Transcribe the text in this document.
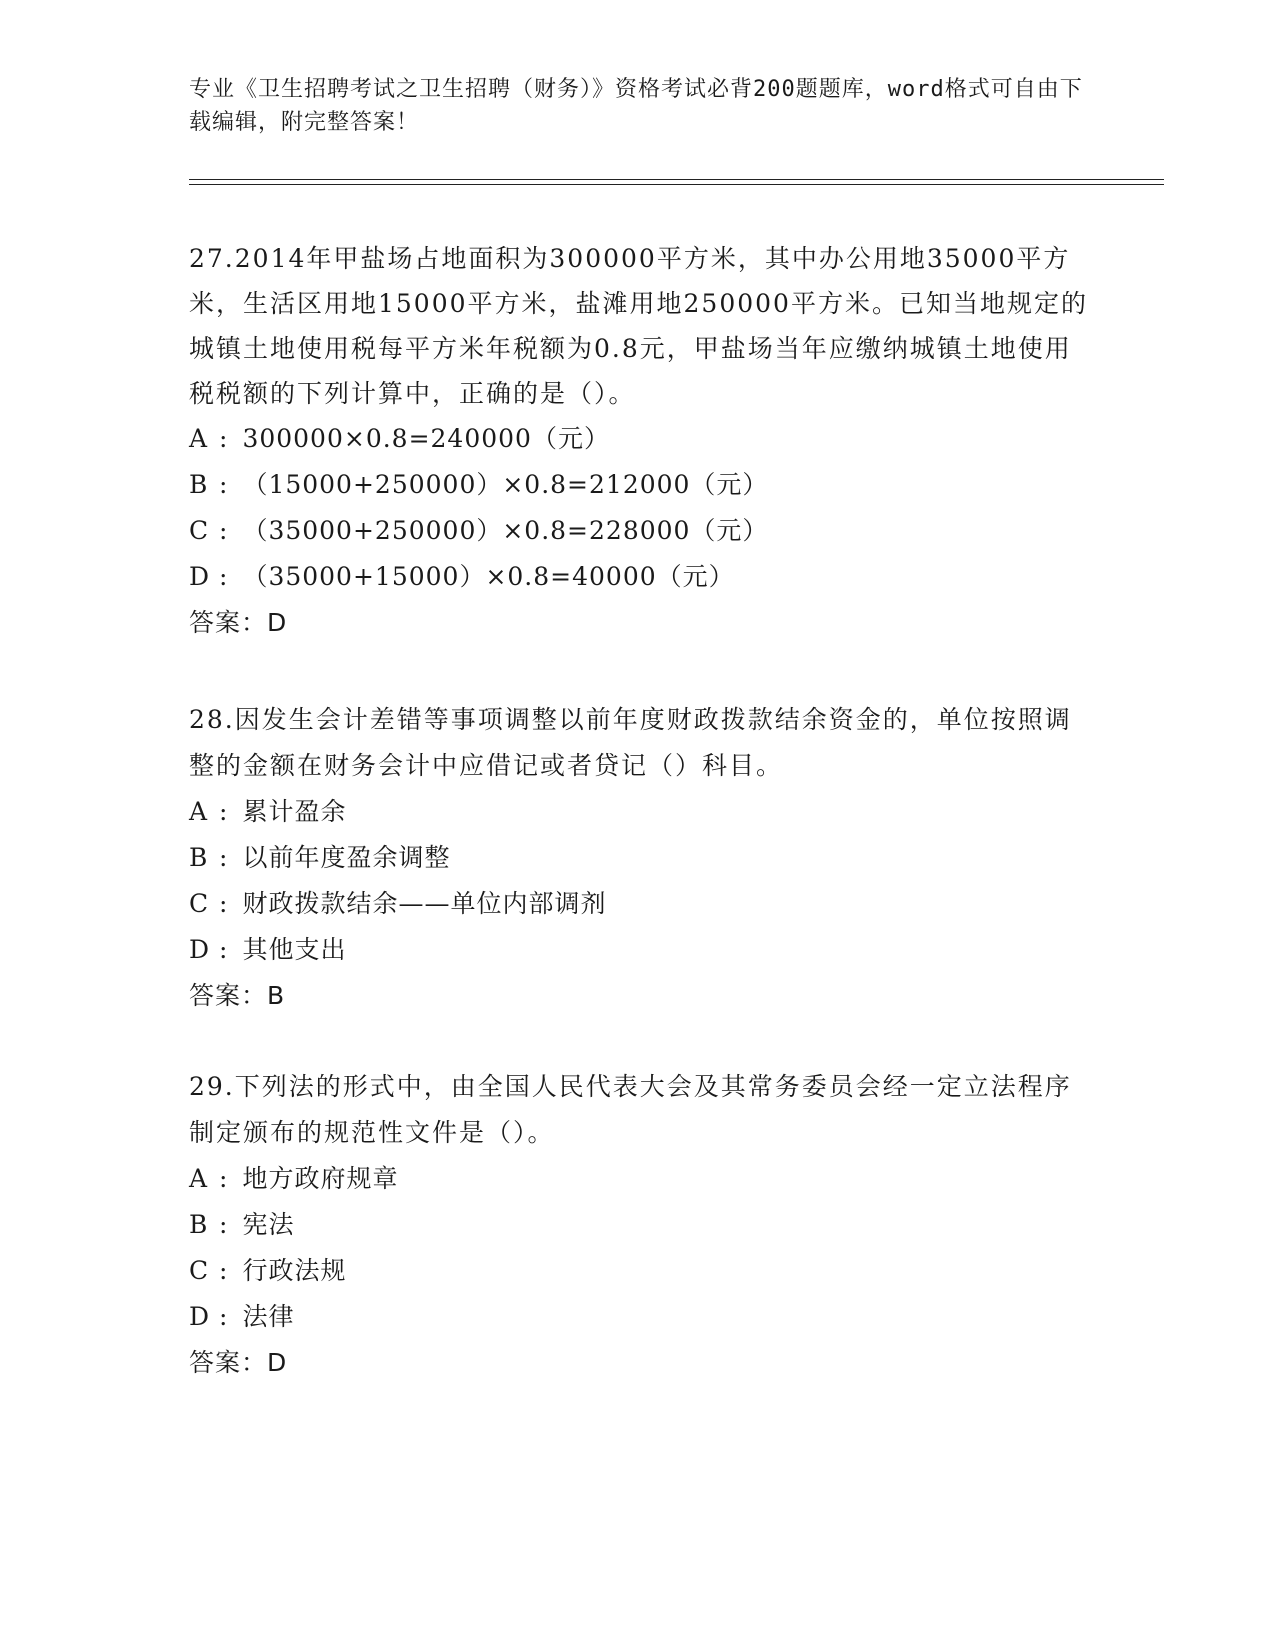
专业《卫生招聘考试之卫生招聘（财务）》资格考试必背200题题库，word格式可自由下载编辑，附完整答案！

27.2014年甲盐场占地面积为300000平方米，其中办公用地35000平方米，生活区用地15000平方米，盐滩用地250000平方米。已知当地规定的城镇土地使用税每平方米年税额为0.8元，甲盐场当年应缴纳城镇土地使用税税额的下列计算中，正确的是（）。

A : 300000×0.8=240000（元）
B : （15000+250000）×0.8=212000（元）
C : （35000+250000）×0.8=228000（元）
D : （35000+15000）×0.8=40000（元）
答案：D

28.因发生会计差错等事项调整以前年度财政拨款结余资金的，单位按照调整的金额在财务会计中应借记或者贷记（）科目。

A : 累计盈余
B : 以前年度盈余调整
C : 财政拨款结余——单位内部调剂
D : 其他支出
答案：B

29.下列法的形式中，由全国人民代表大会及其常务委员会经一定立法程序制定颁布的规范性文件是（）。

A : 地方政府规章
B : 宪法
C : 行政法规
D : 法律
答案：D
